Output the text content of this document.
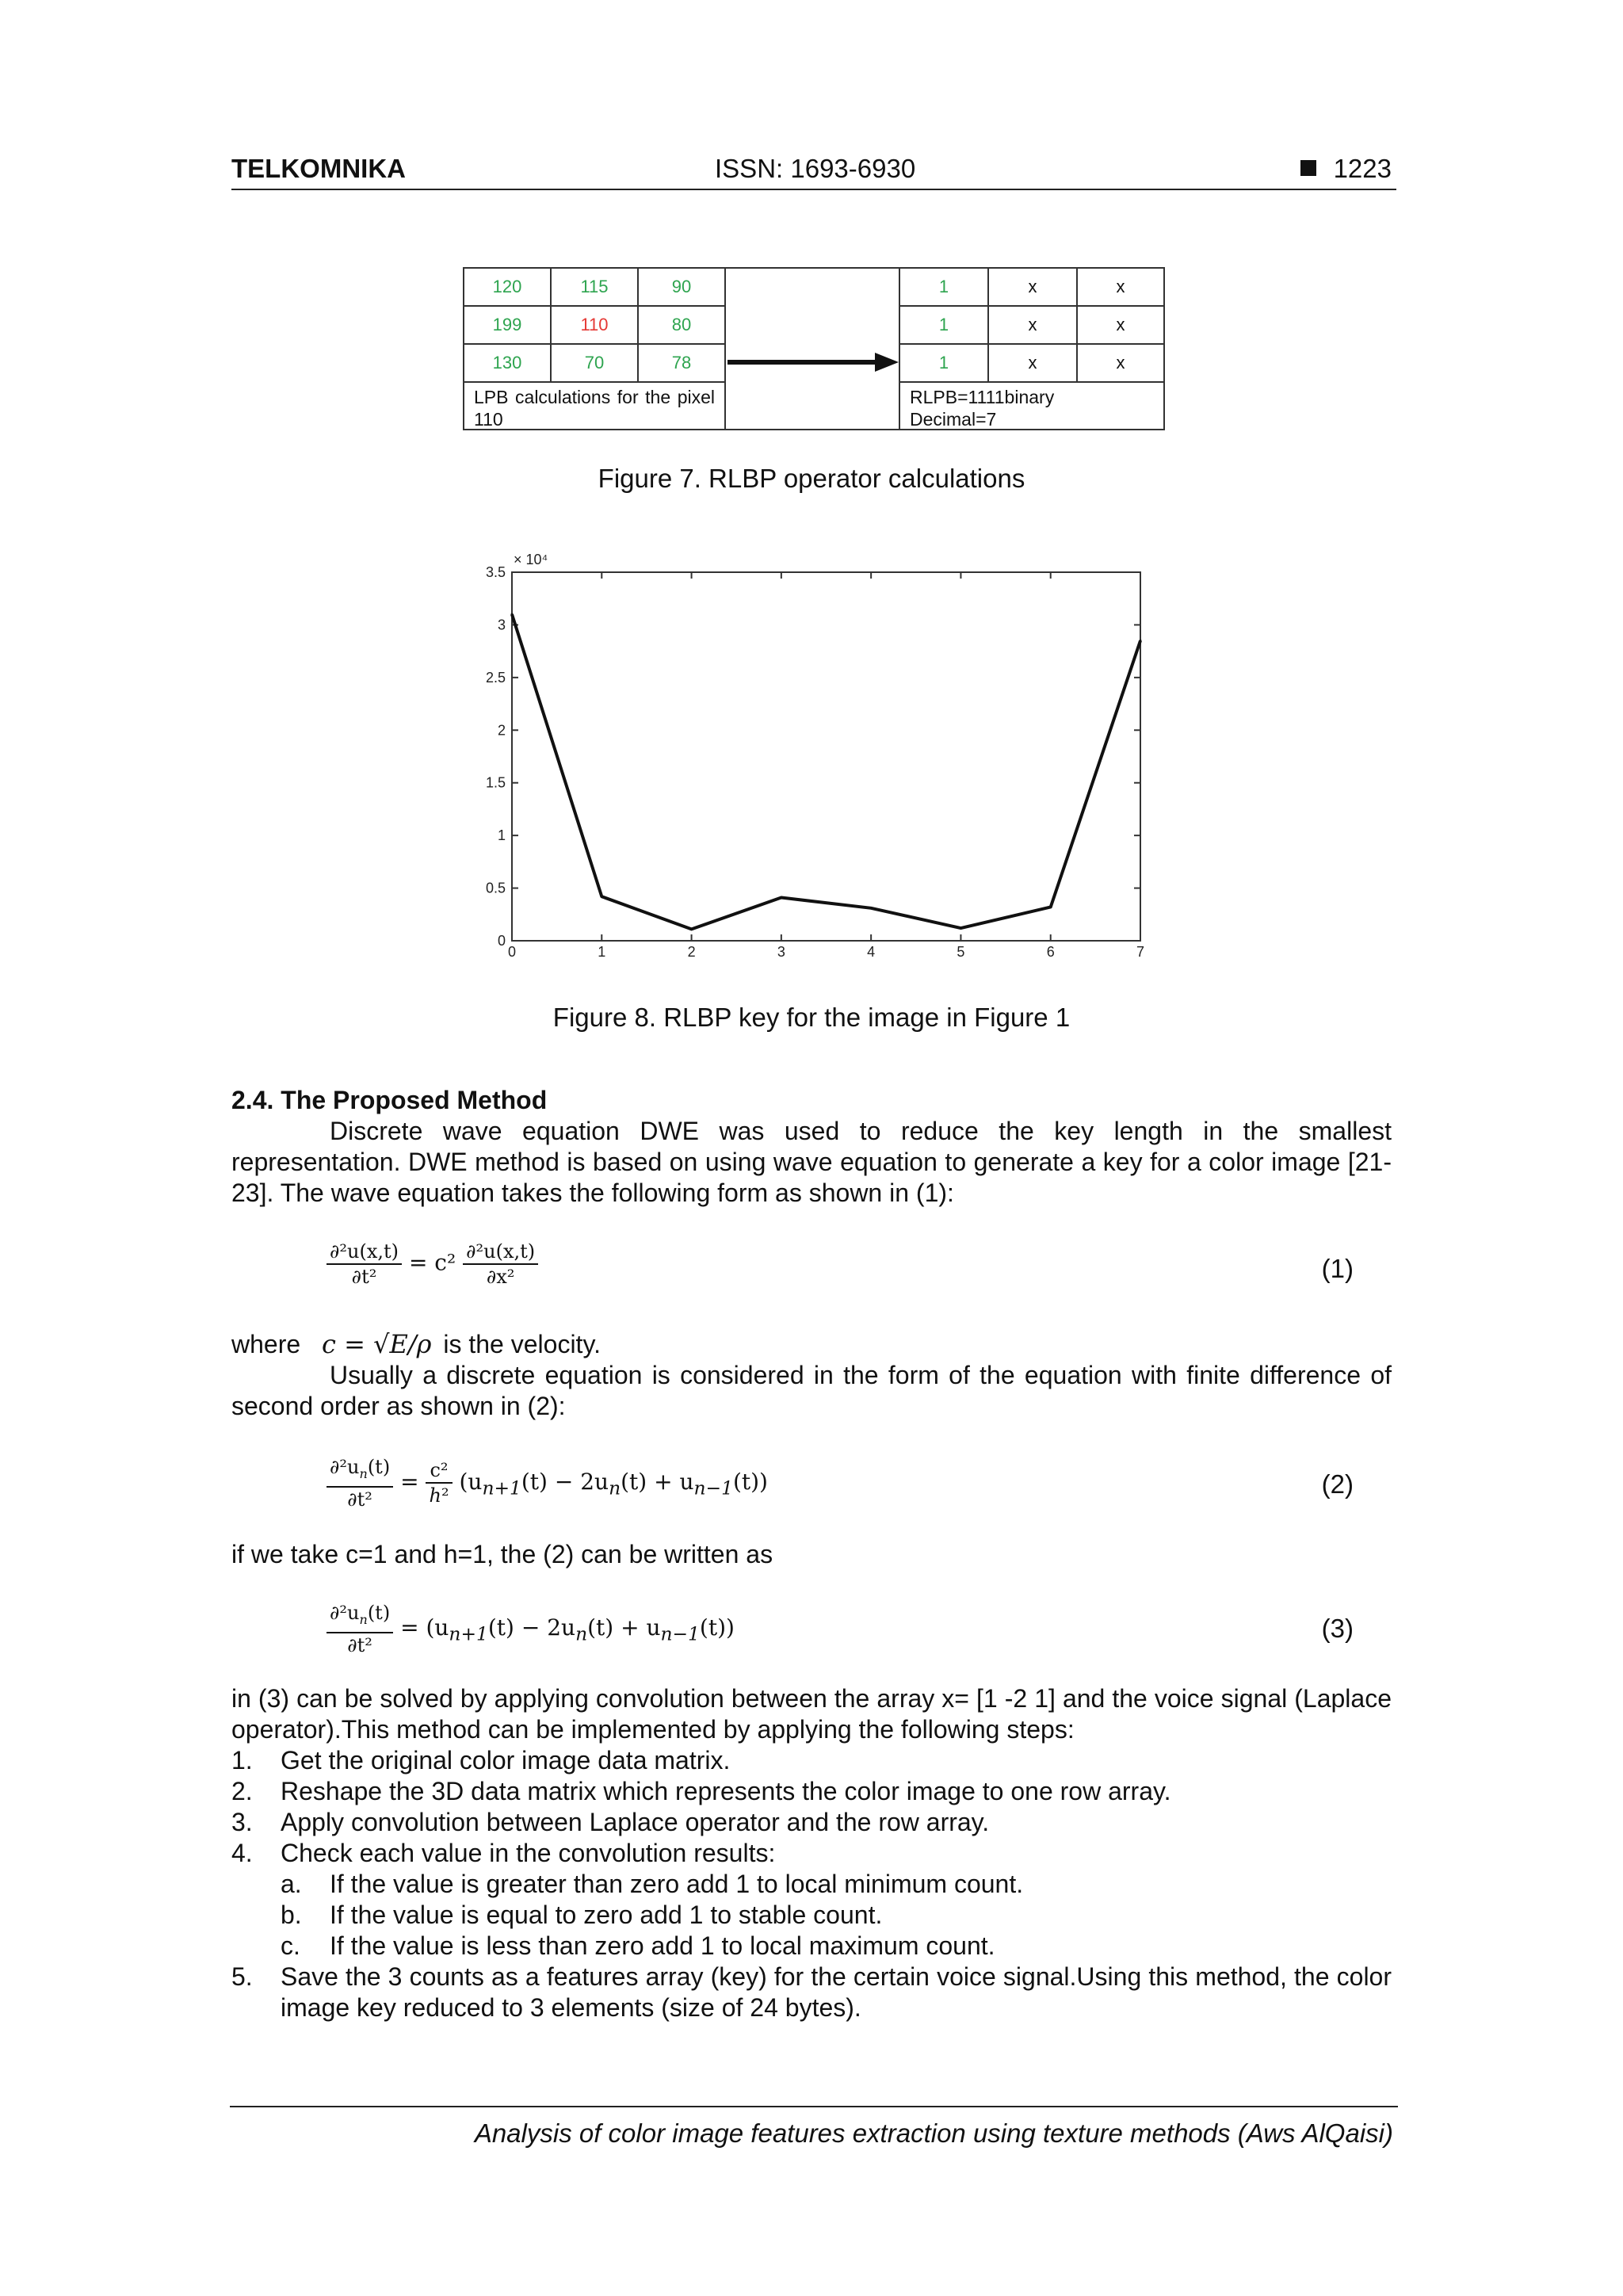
TELKOMNIKA	ISSN: 1693-6930	1223
120	115	90
199	110	80
130	70	78
LPB calculations for the pixel 110
1	x	x
1	x	x
1	x	x
RLPB=1111binary
Decimal=7
Figure 7. RLBP operator calculations
0	1	2	3	4	5	6	7
0
0.5
1
1.5
2
2.5
3
3.5
× 10⁴
Figure 8. RLBP key for the image in Figure 1
2.4. The Proposed Method
Discrete wave equation DWE was used to reduce the key length in the smallest representation. DWE method is based on using wave equation to generate a key for a color image [21-23]. The wave equation takes the following form as shown in (1):
$\frac{\text{∂²u(x,t)}}{\text{∂t²}} = c^2 \frac{\text{∂²u(x,t)}}{\text{∂x²}}$	(1)
where c = √E/ρ is the velocity.
Usually a discrete equation is considered in the form of the equation with finite difference of second order as shown in (2):
$\frac{\partial^2u_n(t)}{\text{∂t²}} = \frac{\text{c²}}{\text{h²}} (u_{n+1}(t) - 2u_n(t) + u_{n-1}(t))$	(2)
if we take c=1 and h=1, the (2) can be written as
$\frac{\partial^2u_n(t)}{\text{∂t²}} = (u_{n+1}(t) - 2u_n(t) + u_{n-1}(t))$	(3)
in (3) can be solved by applying convolution between the array x= [1 -2 1] and the voice signal (Laplace operator).This method can be implemented by applying the following steps:
1. Get the original color image data matrix.
2. Reshape the 3D data matrix which represents the color image to one row array.
3. Apply convolution between Laplace operator and the row array.
4. Check each value in the convolution results:
a. If the value is greater than zero add 1 to local minimum count.
b. If the value is equal to zero add 1 to stable count.
c. If the value is less than zero add 1 to local maximum count.
5. Save the 3 counts as a features array (key) for the certain voice signal.Using this method, the color image key reduced to 3 elements (size of 24 bytes).
Analysis of color image features extraction using texture methods (Aws AlQaisi)
